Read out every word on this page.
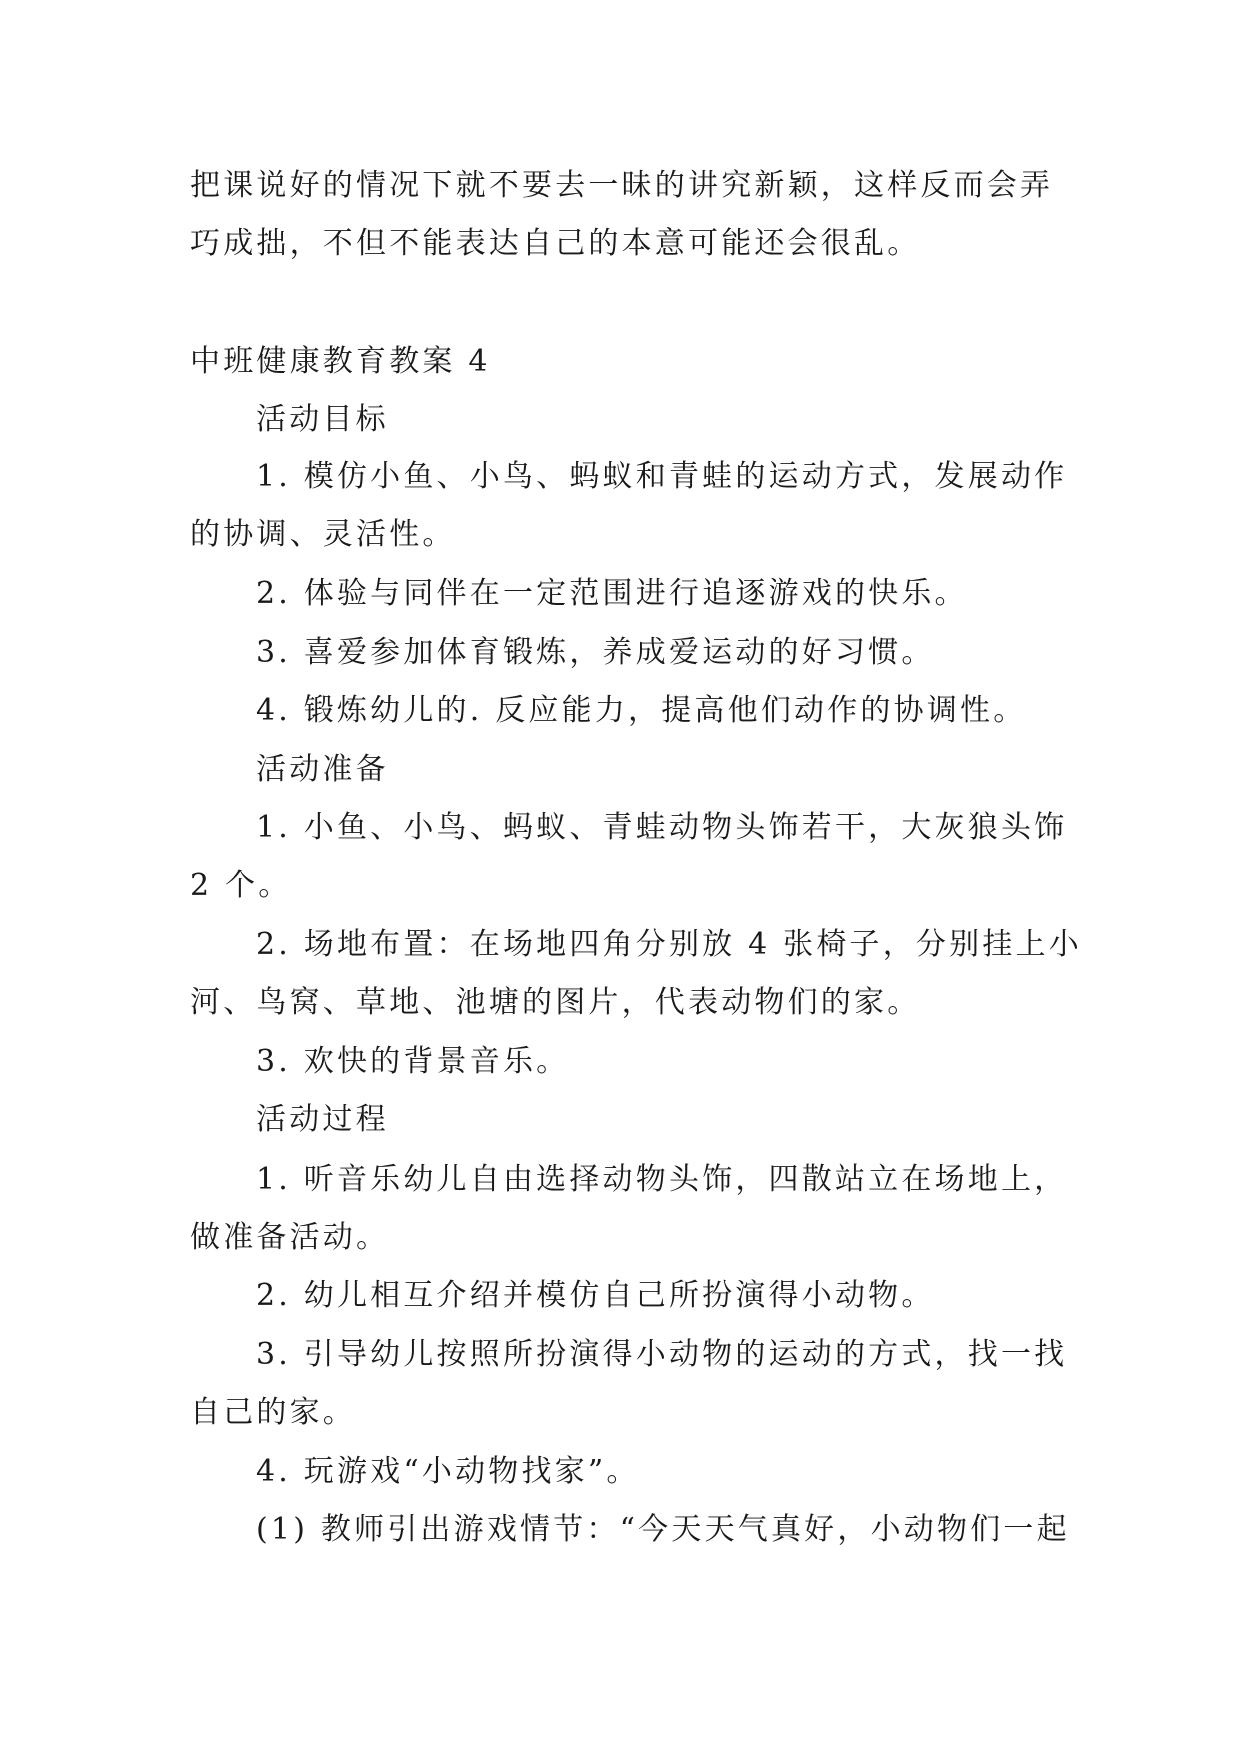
把课说好的情况下就不要去一昧的讲究新颖，这样反而会弄
巧成拙，不但不能表达自己的本意可能还会很乱。
中班健康教育教案 4
活动目标
1. 模仿小鱼、小鸟、蚂蚁和青蛙的运动方式，发展动作
的协调、灵活性。
2. 体验与同伴在一定范围进行追逐游戏的快乐。
3. 喜爱参加体育锻炼，养成爱运动的好习惯。
4. 锻炼幼儿的. 反应能力，提高他们动作的协调性。
活动准备
1. 小鱼、小鸟、蚂蚁、青蛙动物头饰若干，大灰狼头饰
2 个。
2. 场地布置：在场地四角分别放 4 张椅子，分别挂上小
河、鸟窝、草地、池塘的图片，代表动物们的家。
3. 欢快的背景音乐。
活动过程
1. 听音乐幼儿自由选择动物头饰，四散站立在场地上，
做准备活动。
2. 幼儿相互介绍并模仿自己所扮演得小动物。
3. 引导幼儿按照所扮演得小动物的运动的方式，找一找
自己的家。
4. 玩游戏“小动物找家”。
(1) 教师引出游戏情节：“今天天气真好，小动物们一起
